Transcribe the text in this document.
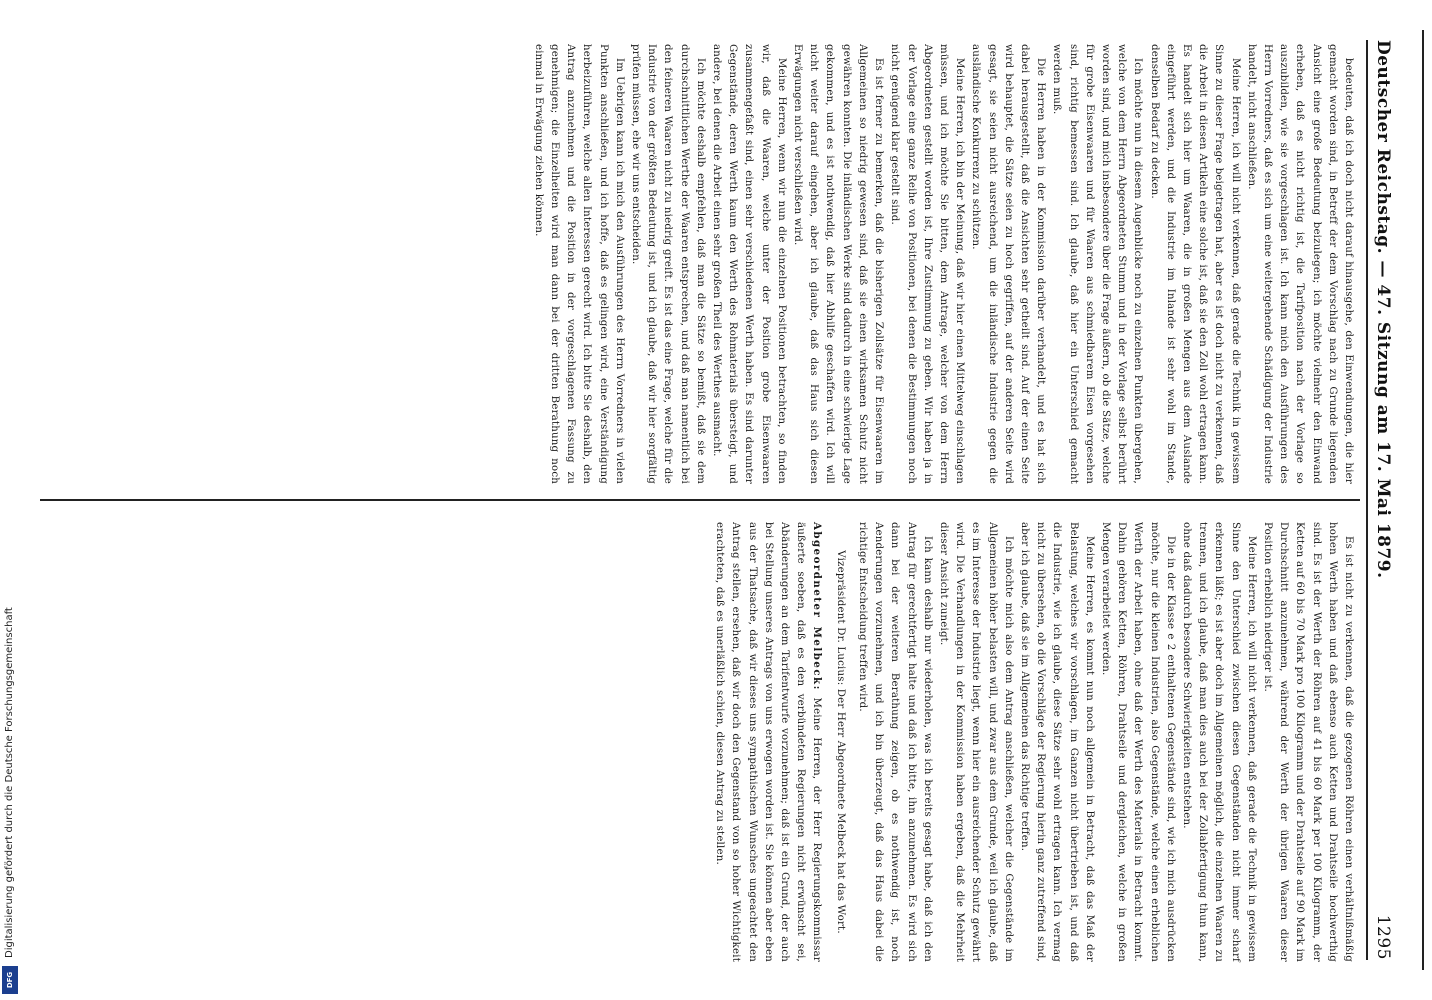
Deutscher Reichstag. — 47. Sitzung am 17. Mai 1879.
1295

bedeuten, daß ich doch nicht darauf hinausgehe, den Einwendungen, die hier gemacht worden sind, in Betreff der dem Vorschlag nach zu Grunde liegenden Ansicht eine große Bedeutung beizulegen; ich möchte vielmehr den Einwand erheben, daß es nicht richtig ist, die Tarifposition nach der Vorlage so auszubilden, wie sie vorgeschlagen ist. Ich kann mich den Ausführungen des Herrn Vorredners, daß es sich um eine weitergehende Schädigung der Industrie handelt, nicht anschließen.

Meine Herren, ich will nicht verkennen, daß gerade die Technik in gewissem Sinne zu dieser Frage beigetragen hat, aber es ist doch nicht zu verkennen, daß die Arbeit in diesen Artikeln eine solche ist, daß sie den Zoll wohl ertragen kann. Es handelt sich hier um Waaren, die in großen Mengen aus dem Auslande eingeführt werden, und die Industrie im Inlande ist sehr wohl im Stande, denselben Bedarf zu decken.

Ich möchte nun in diesem Augenblicke noch zu einzelnen Punkten übergehen, welche von dem Herrn Abgeordneten Stumm und in der Vorlage selbst berührt worden sind, und mich insbesondere über die Frage äußern, ob die Sätze, welche für grobe Eisenwaaren und für Waaren aus schmiedbarem Eisen vorgesehen sind, richtig bemessen sind. Ich glaube, daß hier ein Unterschied gemacht werden muß.

Die Herren haben in der Kommission darüber verhandelt, und es hat sich dabei herausgestellt, daß die Ansichten sehr getheilt sind. Auf der einen Seite wird behauptet, die Sätze seien zu hoch gegriffen, auf der anderen Seite wird gesagt, sie seien nicht ausreichend, um die inländische Industrie gegen die ausländische Konkurrenz zu schützen.

Meine Herren, ich bin der Meinung, daß wir hier einen Mittelweg einschlagen müssen, und ich möchte Sie bitten, dem Antrage, welcher von dem Herrn Abgeordneten gestellt worden ist, Ihre Zustimmung zu geben. Wir haben ja in der Vorlage eine ganze Reihe von Positionen, bei denen die Bestimmungen noch nicht genügend klar gestellt sind.

Es ist ferner zu bemerken, daß die bisherigen Zollsätze für Eisenwaaren im Allgemeinen so niedrig gewesen sind, daß sie einen wirksamen Schutz nicht gewähren konnten. Die inländischen Werke sind dadurch in eine schwierige Lage gekommen, und es ist nothwendig, daß hier Abhilfe geschaffen wird. Ich will nicht weiter darauf eingehen, aber ich glaube, daß das Haus sich diesen Erwägungen nicht verschließen wird.

Meine Herren, wenn wir nun die einzelnen Positionen betrachten, so finden wir, daß die Waaren, welche unter der Position grobe Eisenwaaren zusammengefaßt sind, einen sehr verschiedenen Werth haben. Es sind darunter Gegenstände, deren Werth kaum den Werth des Rohmaterials übersteigt, und andere, bei denen die Arbeit einen sehr großen Theil des Werthes ausmacht.

Ich möchte deshalb empfehlen, daß man die Sätze so bemißt, daß sie dem durchschnittlichen Werthe der Waaren entsprechen, und daß man namentlich bei den feineren Waaren nicht zu niedrig greift. Es ist das eine Frage, welche für die Industrie von der größten Bedeutung ist, und ich glaube, daß wir hier sorgfältig prüfen müssen, ehe wir uns entscheiden.

Im Uebrigen kann ich mich den Ausführungen des Herrn Vorredners in vielen Punkten anschließen, und ich hoffe, daß es gelingen wird, eine Verständigung herbeizuführen, welche allen Interessen gerecht wird. Ich bitte Sie deshalb, den Antrag anzunehmen und die Position in der vorgeschlagenen Fassung zu genehmigen; die Einzelheiten wird man dann bei der dritten Berathung noch einmal in Erwägung ziehen können.

Es ist nicht zu verkennen, daß die gezogenen Röhren einen verhältnißmäßig hohen Werth haben und daß ebenso auch Ketten und Drahtseile hochwerthig sind. Es ist der Werth der Röhren auf 41 bis 60 Mark per 100 Kilogramm, der Ketten auf 60 bis 70 Mark pro 100 Kilogramm und der Drahtseile auf 90 Mark im Durchschnitt anzunehmen, während der Werth der übrigen Waaren dieser Position erheblich niedriger ist.

Meine Herren, ich will nicht verkennen, daß gerade die Technik in gewissem Sinne den Unterschied zwischen diesen Gegenständen nicht immer scharf erkennen läßt; es ist aber doch im Allgemeinen möglich, die einzelnen Waaren zu trennen, und ich glaube, daß man dies auch bei der Zollabfertigung thun kann, ohne daß dadurch besondere Schwierigkeiten entstehen.

Die in der Klasse e 2 enthaltenen Gegenstände sind, wie ich mich ausdrücken möchte, nur die kleinen Industrien, also Gegenstände, welche einen erheblichen Werth der Arbeit haben, ohne daß der Werth des Materials in Betracht kommt. Dahin gehören Ketten, Röhren, Drahtseile und dergleichen, welche in großen Mengen verarbeitet werden.

Meine Herren, es kommt nun noch allgemein in Betracht, daß das Maß der Belastung, welches wir vorschlagen, im Ganzen nicht übertrieben ist, und daß die Industrie, wie ich glaube, diese Sätze sehr wohl ertragen kann. Ich vermag nicht zu übersehen, ob die Vorschläge der Regierung hierin ganz zutreffend sind, aber ich glaube, daß sie im Allgemeinen das Richtige treffen.

Ich möchte mich also dem Antrag anschließen, welcher die Gegenstände im Allgemeinen höher belasten will, und zwar aus dem Grunde, weil ich glaube, daß es im Interesse der Industrie liegt, wenn hier ein ausreichender Schutz gewährt wird. Die Verhandlungen in der Kommission haben ergeben, daß die Mehrheit dieser Ansicht zuneigt.

Ich kann deshalb nur wiederholen, was ich bereits gesagt habe, daß ich den Antrag für gerechtfertigt halte und daß ich bitte, ihn anzunehmen. Es wird sich dann bei der weiteren Berathung zeigen, ob es nothwendig ist, noch Aenderungen vorzunehmen, und ich bin überzeugt, daß das Haus dabei die richtige Entscheidung treffen wird.

Vizepräsident Dr. Lucius: Der Herr Abgeordnete Melbeck hat das Wort.

Abgeordneter Melbeck: Meine Herren, der Herr Regierungskommissar äußerte soeben, daß es den verbündeten Regierungen nicht erwünscht sei, Abänderungen an dem Tarifentwurfe vorzunehmen; daß ist ein Grund, der auch bei Stellung unseres Antrags von uns erwogen worden ist. Sie können aber eben aus der Thatsache, daß wir dieses uns sympathischen Wunsches ungeachtet den Antrag stellen, ersehen, daß wir doch den Gegenstand von so hoher Wichtigkeit erachteten, daß es unerläßlich schien, diesen Antrag zu stellen.

Digitalisierung gefördert durch die Deutsche Forschungsgemeinschaft
DFG
